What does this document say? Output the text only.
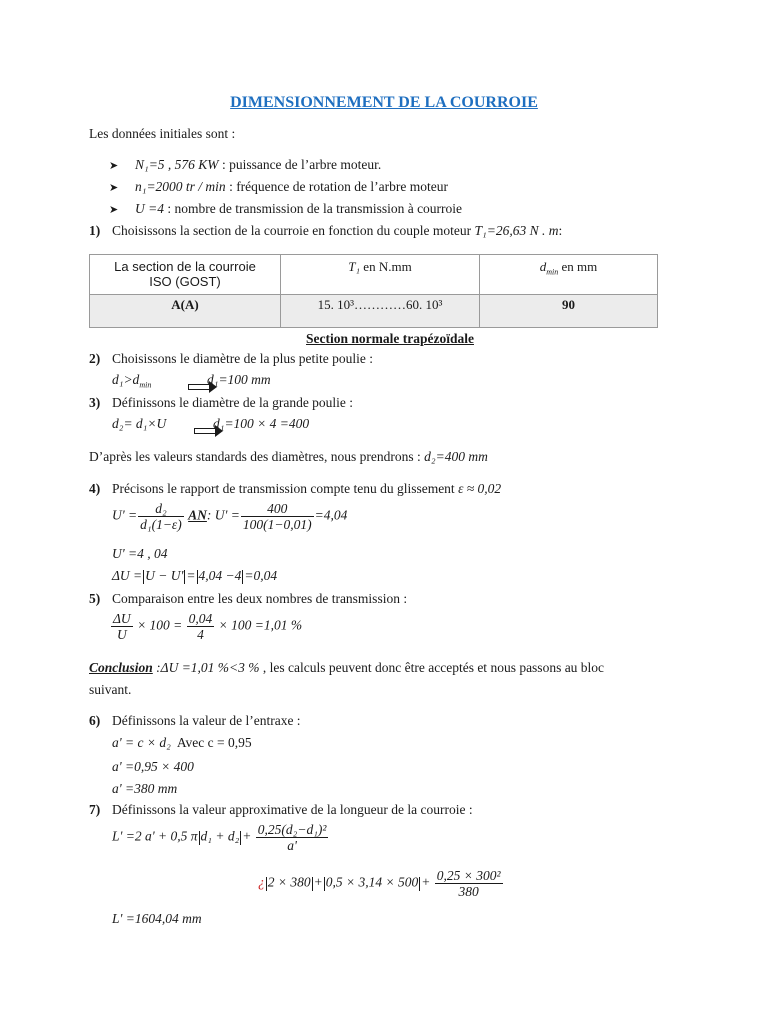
DIMENSIONNEMENT DE LA COURROIE
Les données initiales sont :
➤ N₁=5 , 576 KW : puissance de l’arbre moteur.
➤ n₁=2000 tr / min : fréquence de rotation de l’arbre moteur
➤ U =4 : nombre de transmission de la transmission à courroie
1) Choisissons la section de la courroie en fonction du couple moteur T₁=26,63 N . m:
La section de la courroie
ISO (GOST)	T₁ en N.mm	$d_{min}$ en mm
A(A)	15. 10³…………60. 10³	90
Section normale trapézoïdale
2) Choisissons le diamètre de la plus petite poulie :
$d_1>d_{min}$	d₁=100 mm
3) Définissons le diamètre de la grande poulie :
d₂= d₁×U	d₁=100 × 4 =400
D’après les valeurs standards des diamètres, nous prendrons : d₂=400 mm
4) Précisons le rapport de transmission compte tenu du glissement ε ≈ 0,02
$U' = \frac{\text{d₂}}{\text{d₁(1−ε)}}$ AN: $U' = \frac{400}{100(1-0,01)} =4,04$
U' =4 , 04
ΔU = U − U' = 4,04 −4 =0,04
5) Comparaison entre les deux nombres de transmission :
$\frac{\Delta U}{U} \times 100 = \frac{0,04}{4} \times 100 =1,01$ %
Conclusion :ΔU =1,01 %<3 % , les calculs peuvent donc être acceptés et nous passons au bloc
suivant.
6) Définissons la valeur de l’entraxe :
a' = c × d₂ Avec c = 0,95
a' =0,95 × 400
a' =380 mm
7) Définissons la valeur approximative de la longueur de la courroie :
L' =2 a' + 0,5 π $d_1 + d_2 + \frac{\text{0,25(d₂−d₁)²}}{a'}$
¿ $2 \times 380 + 0,5 \times 3,14 \times 500 + \frac{\text{0,25 × 300²}}{380}$
L' =1604,04 mm
